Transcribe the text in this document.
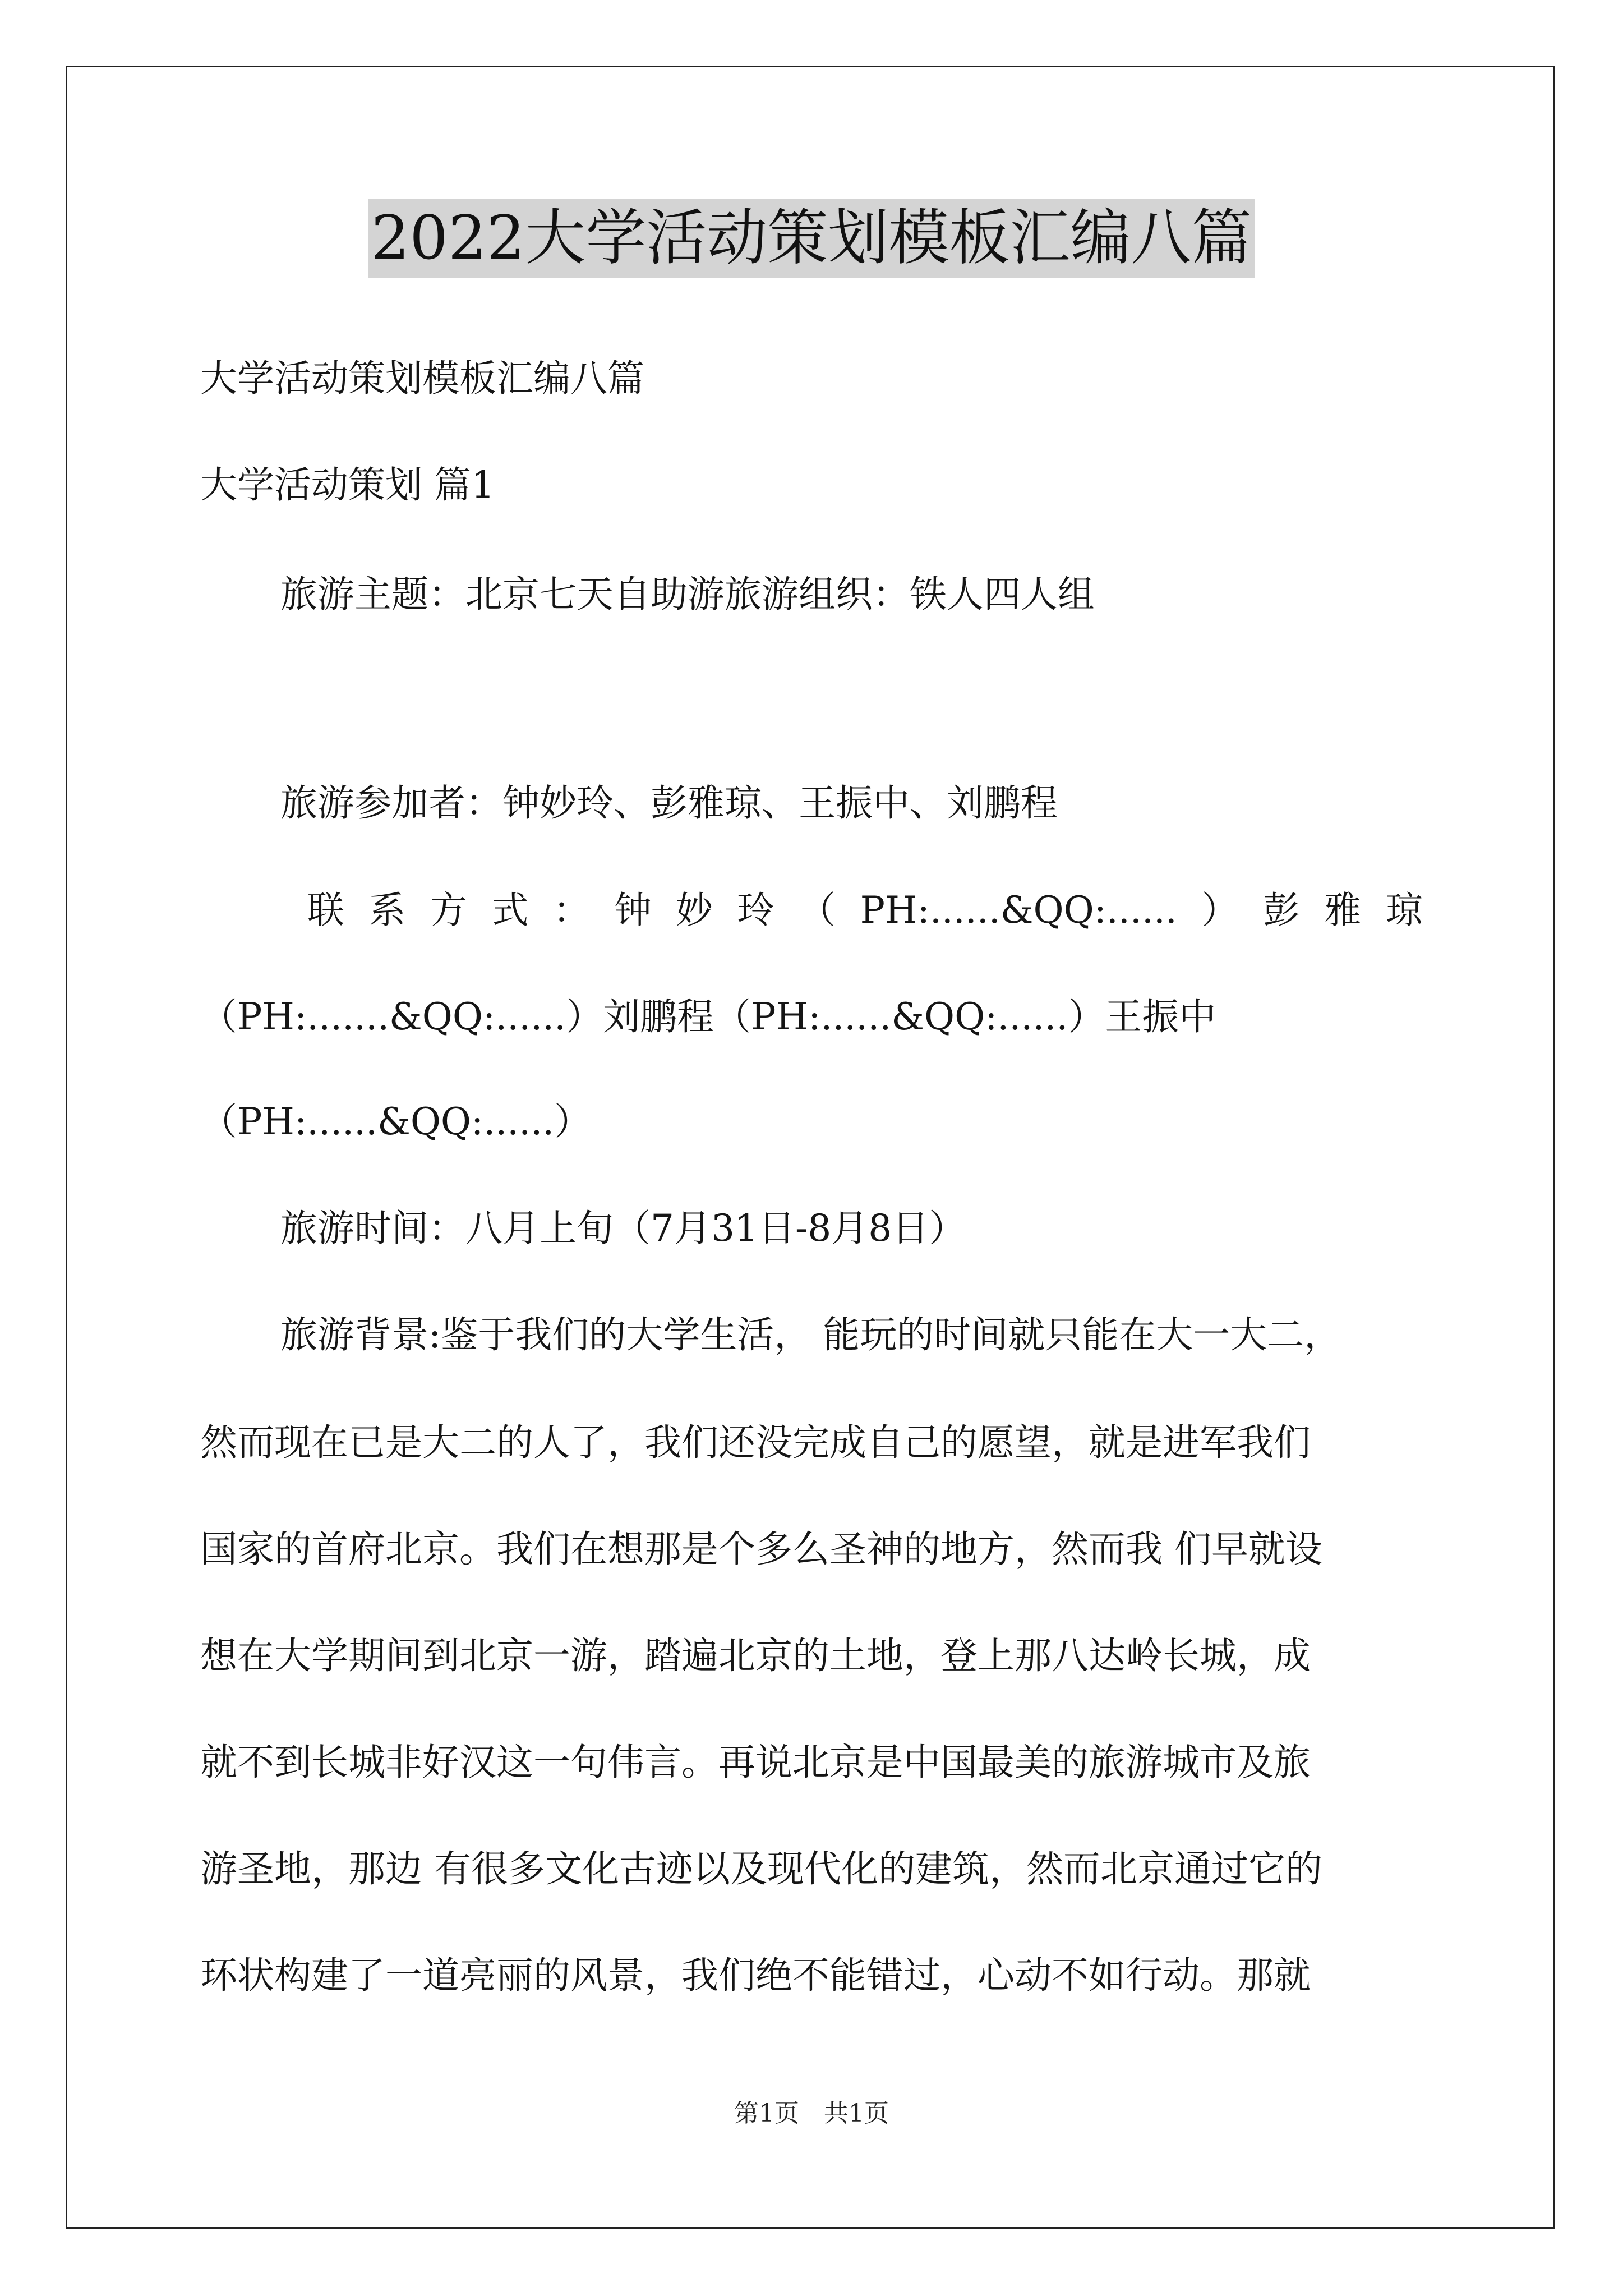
2022大学活动策划模板汇编八篇
大学活动策划模板汇编八篇
大学活动策划 篇1
旅游主题：北京七天自助游旅游组织：铁人四人组
旅游参加者：钟妙玲、彭雅琼、王振中、刘鹏程
联 系 方 式 ： 钟 妙 玲 （ PH:......&QQ:...... ） 彭 雅 琼
（PH:.......&QQ:......）刘鹏程（PH:......&QQ:......）王振中
（PH:......&QQ:......）
旅游时间：八月上旬（7月31日-8月8日）
旅游背景:鉴于我们的大学生活， 能玩的时间就只能在大一大二，
然而现在已是大二的人了，我们还没完成自己的愿望，就是进军我们
国家的首府北京。我们在想那是个多么圣神的地方，然而我 们早就设
想在大学期间到北京一游，踏遍北京的土地，登上那八达岭长城，成
就不到长城非好汉这一句伟言。再说北京是中国最美的旅游城市及旅
游圣地，那边 有很多文化古迹以及现代化的建筑，然而北京通过它的
环状构建了一道亮丽的风景，我们绝不能错过，心动不如行动。那就
第1页　共1页
